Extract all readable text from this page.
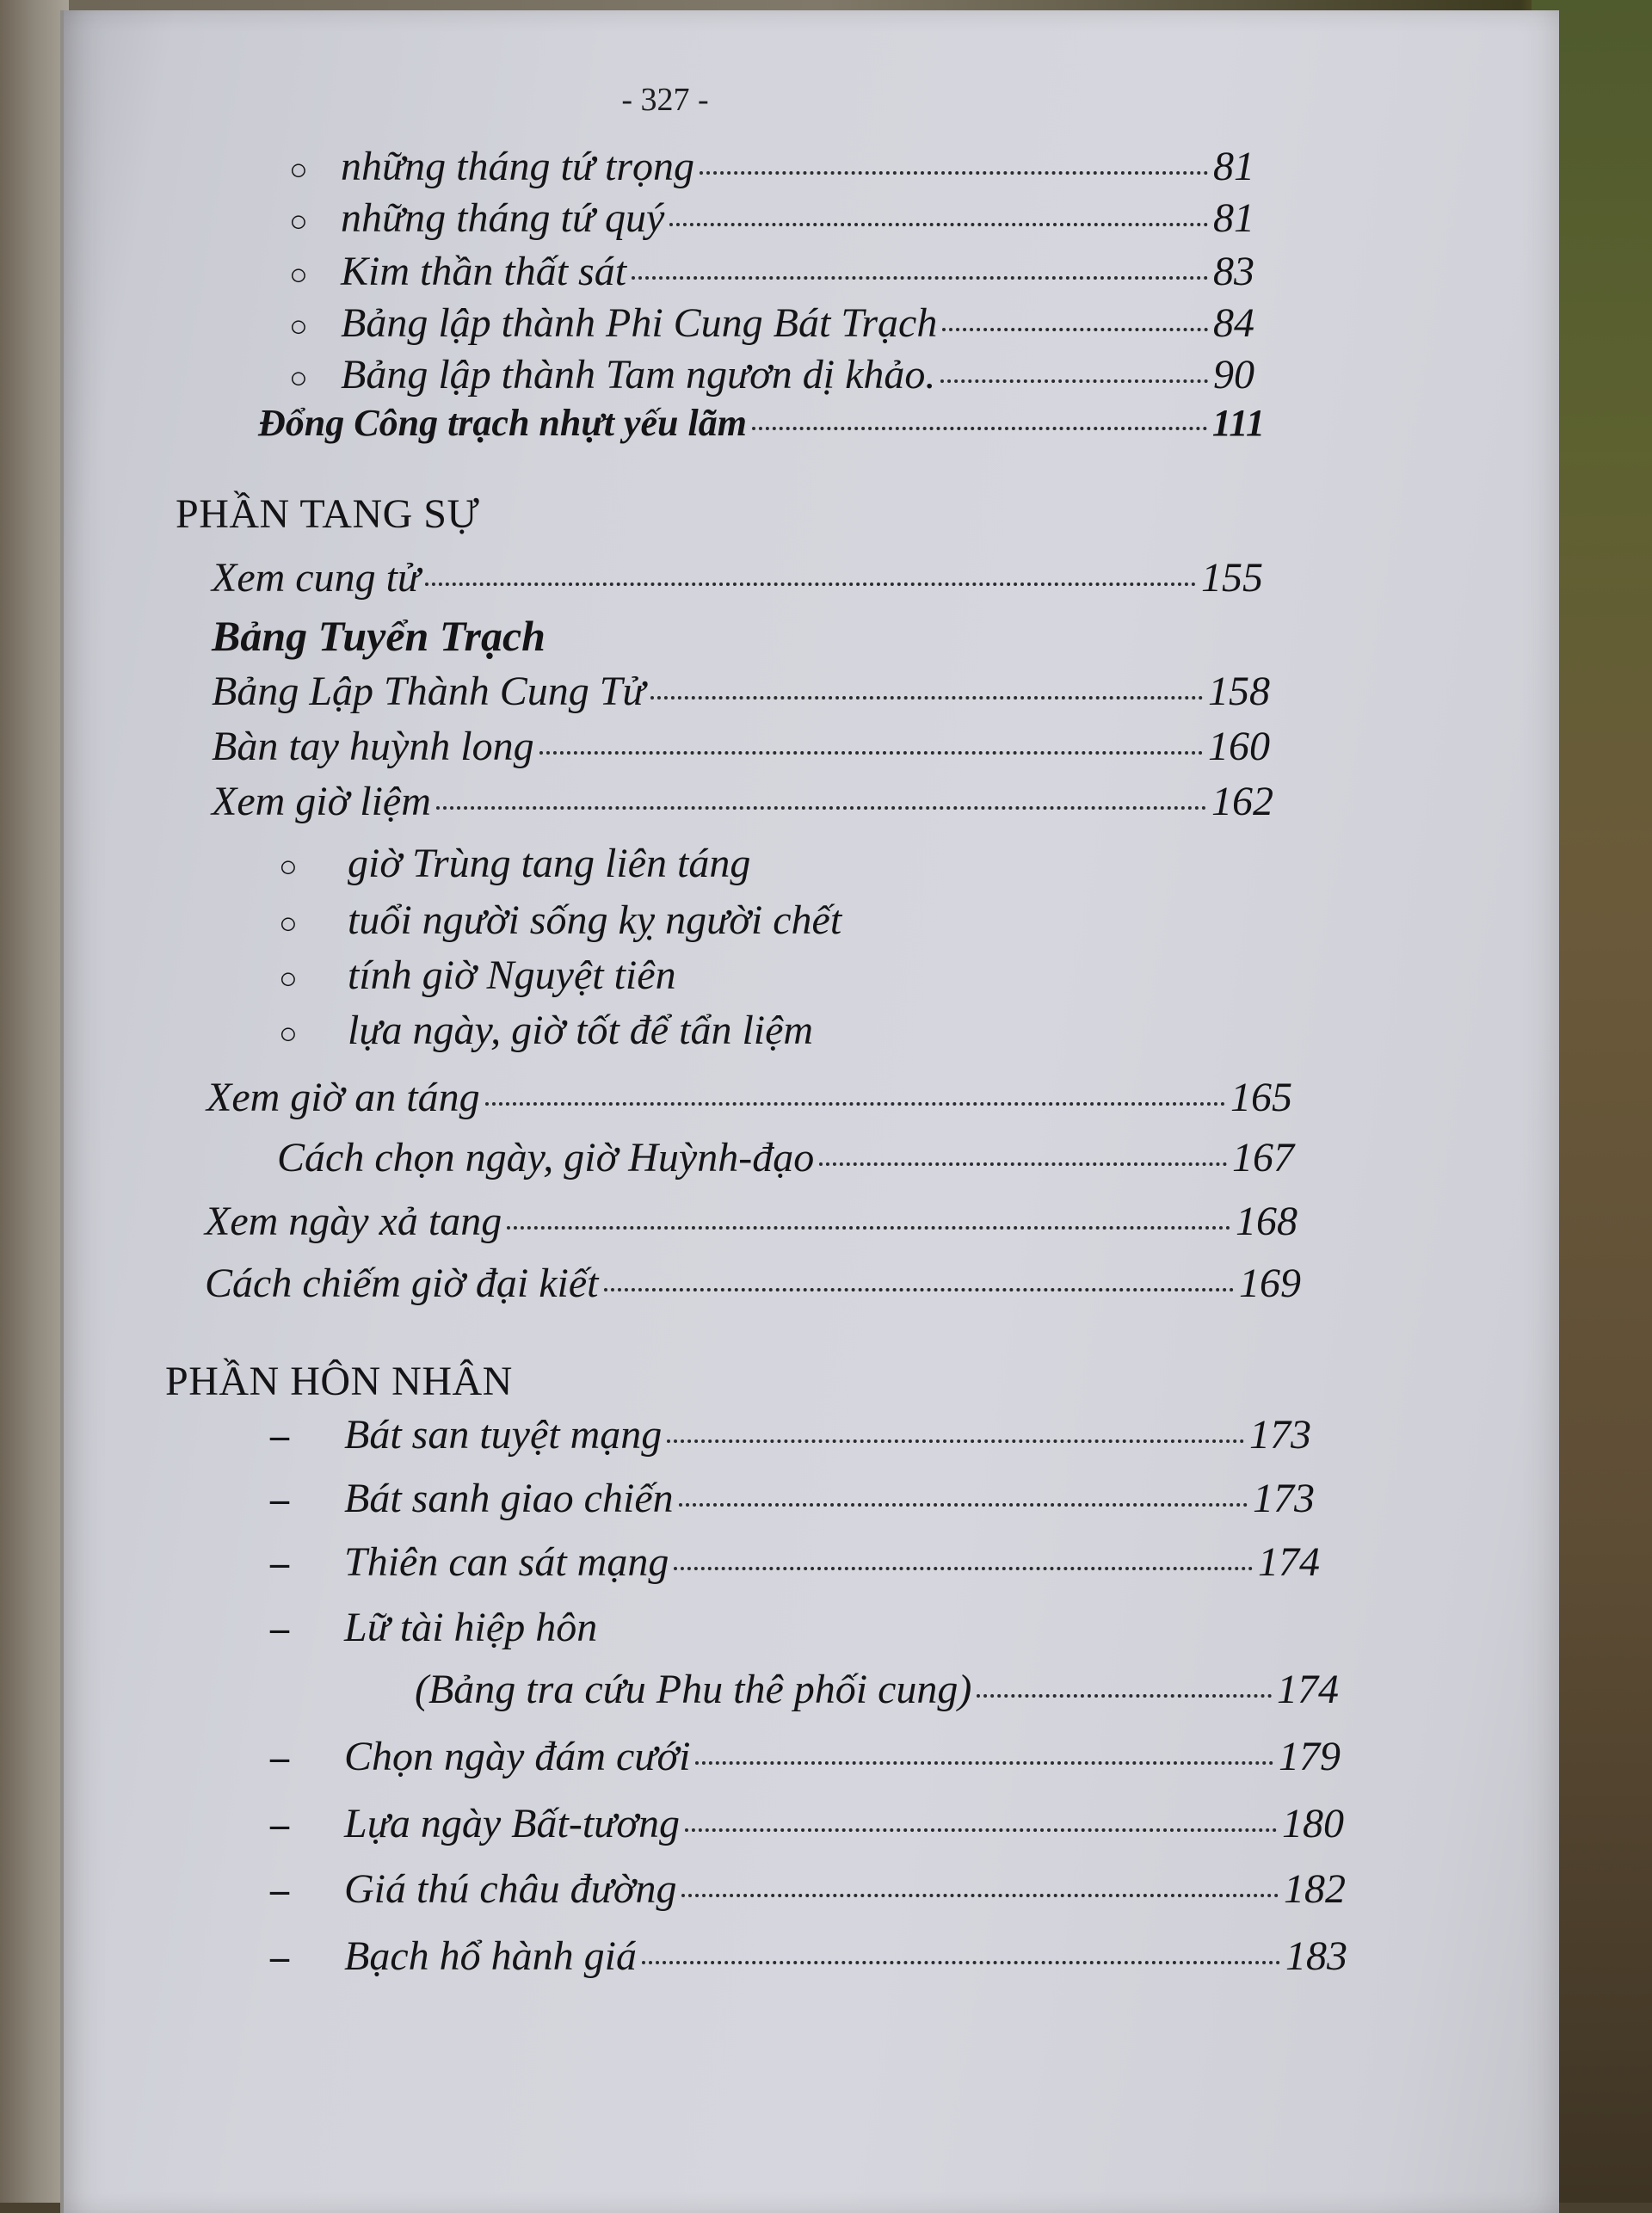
- 327 -
○ những tháng tứ trọng	81
○ những tháng tứ quý	81
○ Kim thần thất sát	83
○ Bảng lập thành Phi Cung Bát Trạch	84
○ Bảng lập thành Tam ngươn dị khảo.	90
Đổng Công trạch nhựt yếu lãm	111
PHẦN TANG SỰ
Xem cung tử	155
Bảng Tuyển Trạch
Bảng Lập Thành Cung Tử	158
Bàn tay huỳnh long	160
Xem giờ liệm	162
○	giờ Trùng tang liên táng
○	tuổi người sống kỵ người chết
○	tính giờ Nguyệt tiên
○	lựa ngày, giờ tốt để tẩn liệm
Xem giờ an táng	165
Cách chọn ngày, giờ Huỳnh-đạo	167
Xem ngày xả tang	168
Cách chiếm giờ đại kiết	169
PHẦN HÔN NHÂN
–	Bát san tuyệt mạng	173
–	Bát sanh giao chiến	173
–	Thiên can sát mạng	174
–	Lữ tài hiệp hôn
(Bảng tra cứu Phu thê phối cung)	174
–	Chọn ngày đám cưới	179
–	Lựa ngày Bất-tương	180
–	Giá thú châu đường	182
–	Bạch hổ hành giá	183
